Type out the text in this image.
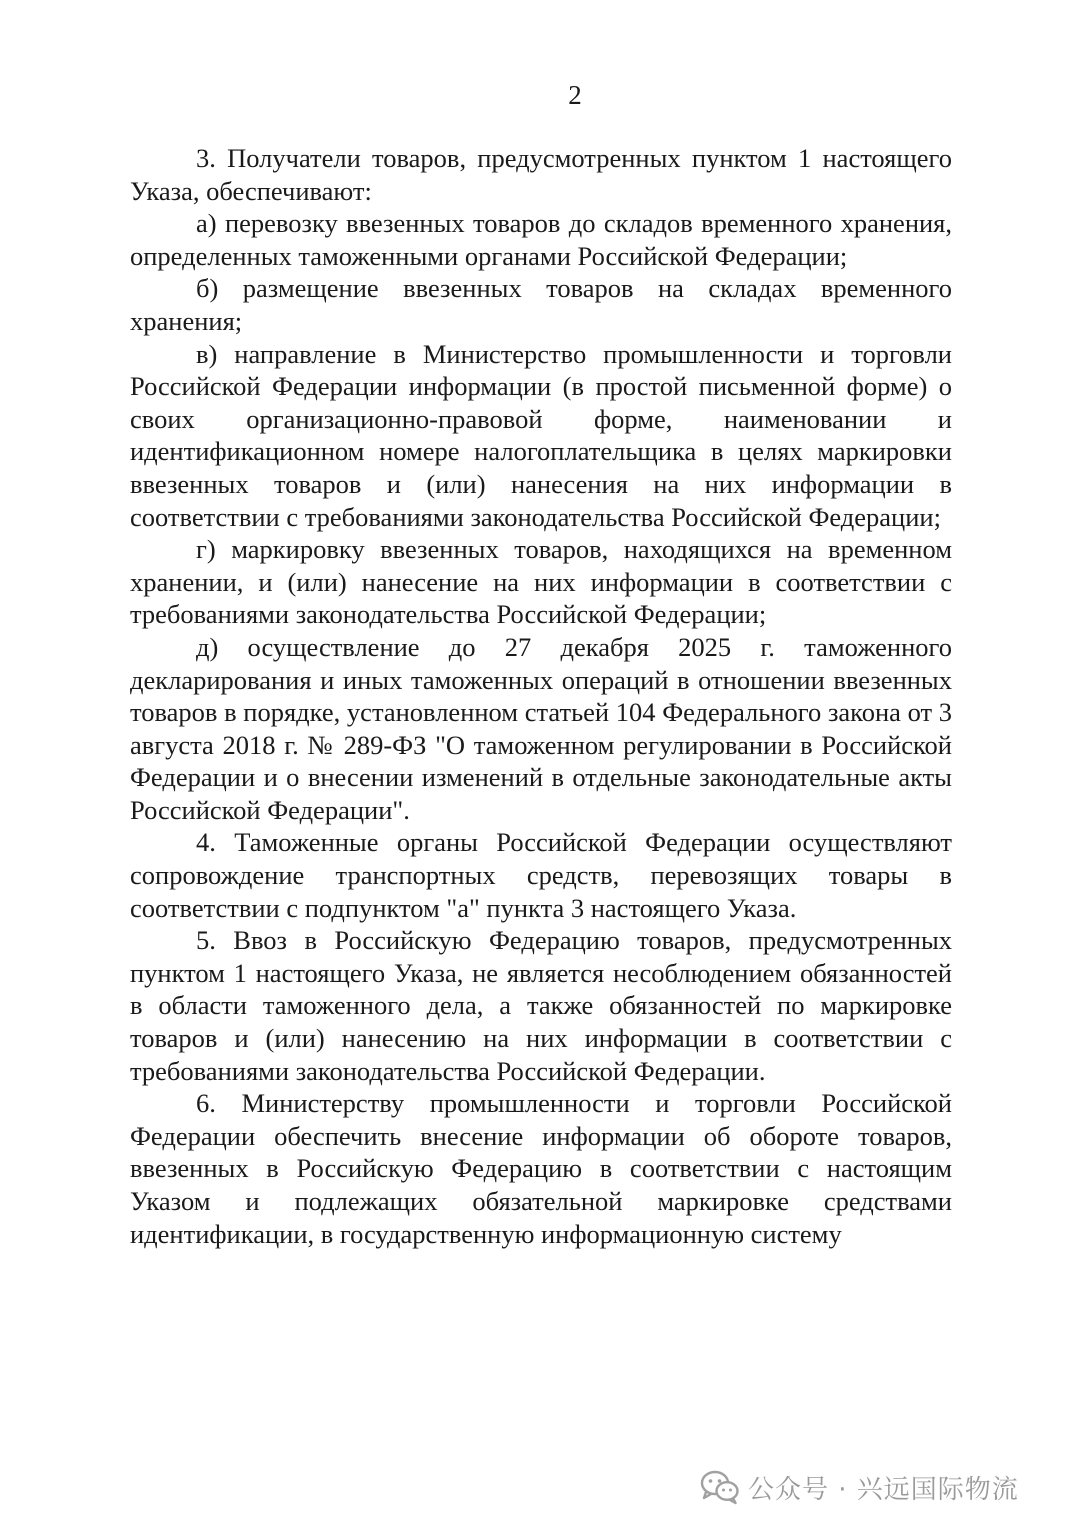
2

3. Получатели товаров, предусмотренных пунктом 1 настоящего Указа, обеспечивают:

а) перевозку ввезенных товаров до складов временного хранения, определенных таможенными органами Российской Федерации;

б) размещение ввезенных товаров на складах временного хранения;

в) направление в Министерство промышленности и торговли Российской Федерации информации (в простой письменной форме) о своих организационно-правовой форме, наименовании и идентификационном номере налогоплательщика в целях маркировки ввезенных товаров и (или) нанесения на них информации в соответствии с требованиями законодательства Российской Федерации;

г) маркировку ввезенных товаров, находящихся на временном хранении, и (или) нанесение на них информации в соответствии с требованиями законодательства Российской Федерации;

д) осуществление до 27 декабря 2025 г. таможенного декларирования и иных таможенных операций в отношении ввезенных товаров в порядке, установленном статьей 104 Федерального закона от 3 августа 2018 г. № 289-ФЗ "О таможенном регулировании в Российской Федерации и о внесении изменений в отдельные законодательные акты Российской Федерации".

4. Таможенные органы Российской Федерации осуществляют сопровождение транспортных средств, перевозящих товары в соответствии с подпунктом "а" пункта 3 настоящего Указа.

5. Ввоз в Российскую Федерацию товаров, предусмотренных пунктом 1 настоящего Указа, не является несоблюдением обязанностей в области таможенного дела, а также обязанностей по маркировке товаров и (или) нанесению на них информации в соответствии с требованиями законодательства Российской Федерации.

6. Министерству промышленности и торговли Российской Федерации обеспечить внесение информации об обороте товаров, ввезенных в Российскую Федерацию в соответствии с настоящим Указом и подлежащих обязательной маркировке средствами идентификации, в государственную информационную систему

公众号 · 兴远国际物流
